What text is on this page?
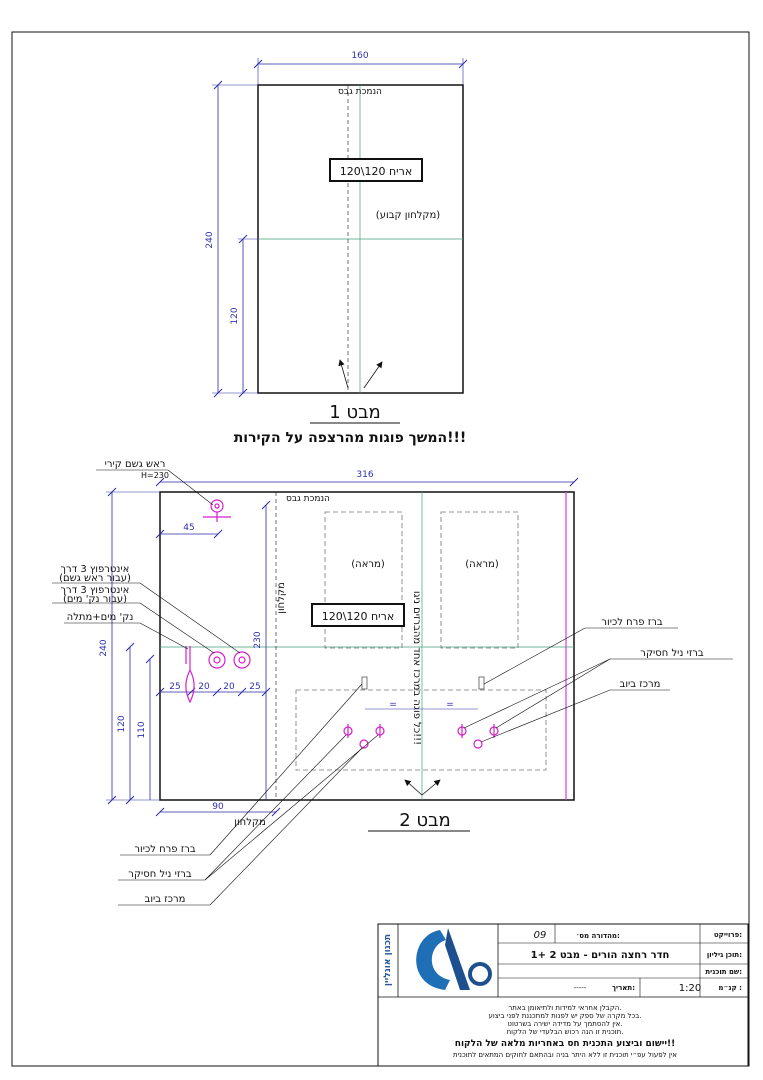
160
240
120
הנמכת גבס
אריח 120\120
(מקלחון קבוע)
מבט 1
המשך פוגות מהרצפה על הקירות!!!
316
240
120 110
230
45
25 20 20 25
90
הנמכת גבס
מקלחון
מקלחון
(מראה)	(מראה)
אריח 120\120 כל פוגה במרכז אחד מהברזים ניגו!!!
=	=
ראש גשם קירי
H=230
אינטרפוץ 3 דרך
(עבור ראש גשם)
אינטרפוץ 3 דרך
(עבור נק' מים)
נק' מים+מתלה	ברז פרח לכיור
ברזי ניל חסיקר
מרכז ביוב
ברז פרח לכיור
ברזי ניל חסיקר
מרכז ביוב
מבט 2
תכנון אונליין	09	מהדורה מס׳:	פרוייקט:
חדר רחצה הורים - מבט 2 +1	תוכן גיליון:
שם תוכנית:
קנ״מ :
1:20
תאריך:
-----
הקבלן אחראי למידות ולתיאומן באתר.
בכל מקרה של ספק יש לפנות למתכננת לפני ביצוע.
אין להסתמך על מדידה ישירה בשרטוט.
תוכנית זו הנה רכוש הבלעדי של הלקוח.
יישום וביצוע התכנית חס באחריות מלאה של הלקוח!!
אין לפעול עפ״י תוכנית זו ללא היתר בניה ובהתאם לחוקים המתאים לתוכנית
